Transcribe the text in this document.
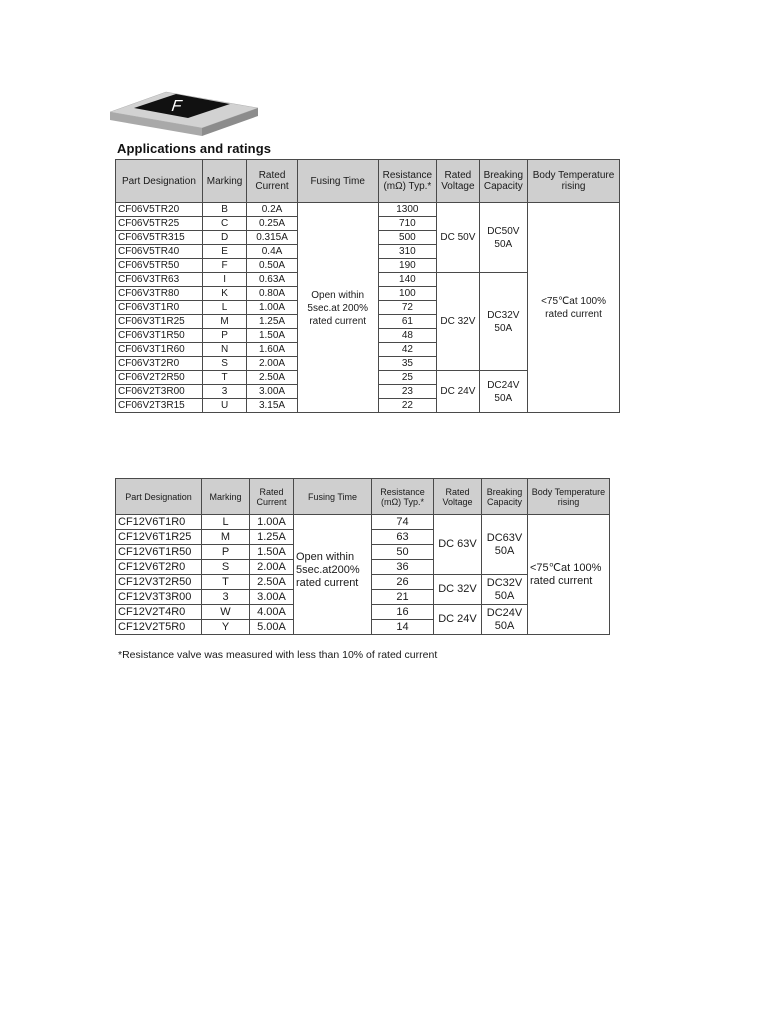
F
Applications and ratings
Part Designation	Marking	Rated Current	Fusing Time	Resistance (mΩ) Typ.*	Rated Voltage	Breaking Capacity	Body Temperature rising
CF06V5TR20	B	0.2A	Open within 5sec.at 200% rated current	1300	DC 50V	DC50V 50A	<75℃at 100% rated current
CF06V5TR25	C	0.25A		710			
CF06V5TR315	D	0.315A		500			
CF06V5TR40	E	0.4A		310			
CF06V5TR50	F	0.50A		190			
CF06V3TR63	I	0.63A		140	DC 32V	DC32V 50A	
CF06V3TR80	K	0.80A		100			
CF06V3T1R0	L	1.00A		72			
CF06V3T1R25	M	1.25A		61			
CF06V3T1R50	P	1.50A		48			
CF06V3T1R60	N	1.60A		42			
CF06V3T2R0	S	2.00A		35			
CF06V2T2R50	T	2.50A		25	DC 24V	DC24V 50A	
CF06V2T3R00	3	3.00A		23			
CF06V2T3R15	U	3.15A		22			
Part Designation	Marking	Rated Current	Fusing Time	Resistance (mΩ) Typ.*	Rated Voltage	Breaking Capacity	Body Temperature rising
CF12V6T1R0	L	1.00A	Open within 5sec.at200% rated current	74	DC 63V	DC63V 50A	<75℃at 100% rated current
CF12V6T1R25	M	1.25A		63			
CF12V6T1R50	P	1.50A		50			
CF12V6T2R0	S	2.00A		36			
CF12V3T2R50	T	2.50A		26	DC 32V	DC32V 50A	
CF12V3T3R00	3	3.00A		21			
CF12V2T4R0	W	4.00A		16	DC 24V	DC24V 50A	
CF12V2T5R0	Y	5.00A		14			

*Resistance valve was measured with less than 10% of rated current
